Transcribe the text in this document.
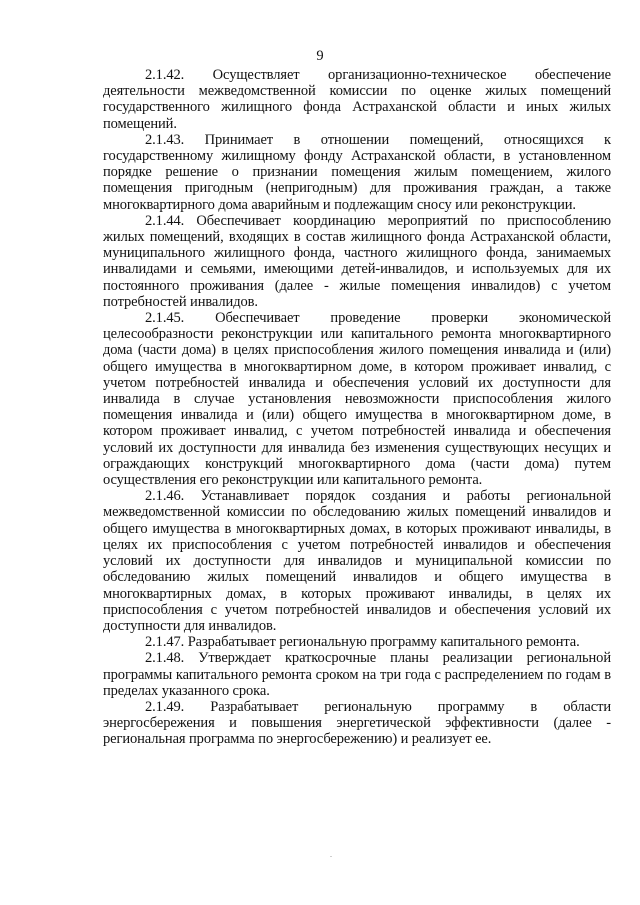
9

2.1.42. Осуществляет организационно-техническое обеспечение деятельности межведомственной комиссии по оценке жилых помещений государственного жилищного фонда Астраханской области и иных жилых помещений.

2.1.43. Принимает в отношении помещений, относящихся к государственному жилищному фонду Астраханской области, в установленном порядке решение о признании помещения жилым помещением, жилого помещения пригодным (непригодным) для проживания граждан, а также многоквартирного дома аварийным и подлежащим сносу или реконструкции.

2.1.44. Обеспечивает координацию мероприятий по приспособлению жилых помещений, входящих в состав жилищного фонда Астраханской области, муниципального жилищного фонда, частного жилищного фонда, занимаемых инвалидами и семьями, имеющими детей-инвалидов, и используемых для их постоянного проживания (далее - жилые помещения инвалидов) с учетом потребностей инвалидов.

2.1.45. Обеспечивает проведение проверки экономической целесообразности реконструкции или капитального ремонта многоквартирного дома (части дома) в целях приспособления жилого помещения инвалида и (или) общего имущества в многоквартирном доме, в котором проживает инвалид, с учетом потребностей инвалида и обеспечения условий их доступности для инвалида в случае установления невозможности приспособления жилого помещения инвалида и (или) общего имущества в многоквартирном доме, в котором проживает инвалид, с учетом потребностей инвалида и обеспечения условий их доступности для инвалида без изменения существующих несущих и ограждающих конструкций многоквартирного дома (части дома) путем осуществления его реконструкции или капитального ремонта.

2.1.46. Устанавливает порядок создания и работы региональной межведомственной комиссии по обследованию жилых помещений инвалидов и общего имущества в многоквартирных домах, в которых проживают инвалиды, в целях их приспособления с учетом потребностей инвалидов и обеспечения условий их доступности для инвалидов и муниципальной комиссии по обследованию жилых помещений инвалидов и общего имущества в многоквартирных домах, в которых проживают инвалиды, в целях их приспособления с учетом потребностей инвалидов и обеспечения условий их доступности для инвалидов.

2.1.47. Разрабатывает региональную программу капитального ремонта.

2.1.48. Утверждает краткосрочные планы реализации региональной программы капитального ремонта сроком на три года с распределением по годам в пределах указанного срока.

2.1.49. Разрабатывает региональную программу в области энергосбережения и повышения энергетической эффективности (далее - региональная программа по энергосбережению) и реализует ее.
